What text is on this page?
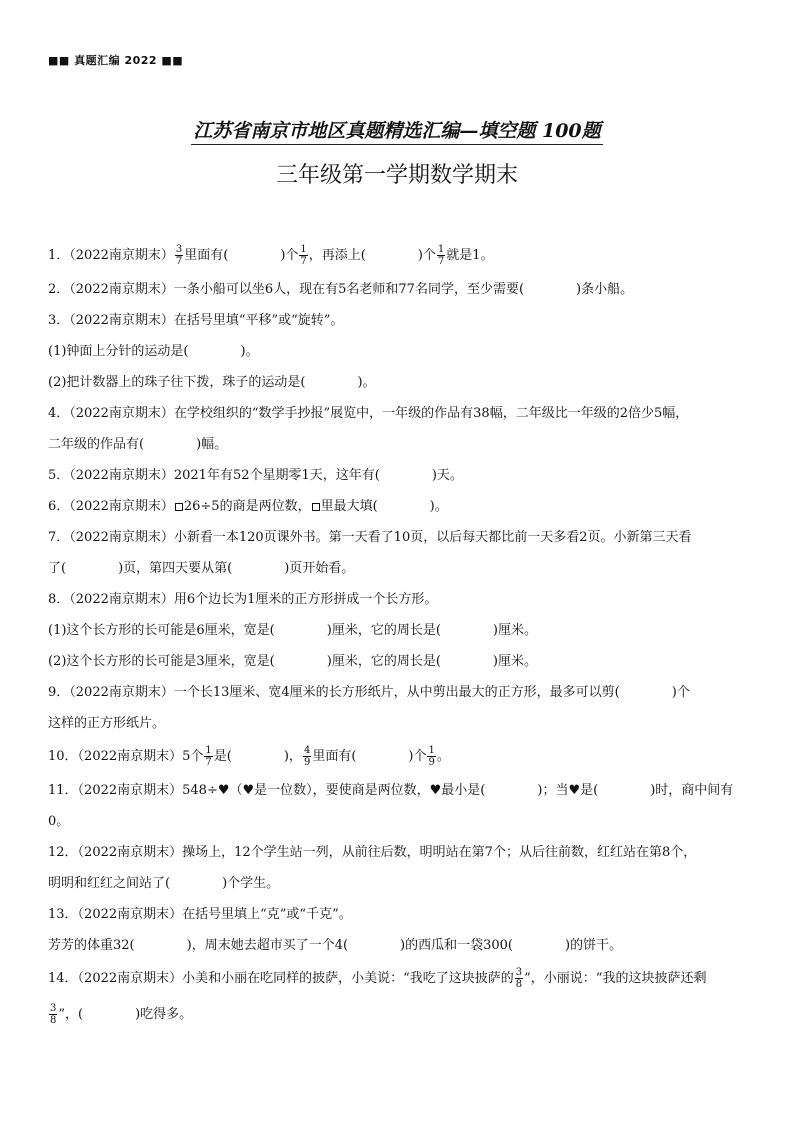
■■ 真题汇编 2022 ■■
江苏省南京市地区真题精选汇编—填空题 100题
三年级第一学期数学期末
1．（2022南京期末） $\frac{3}{7}$ 里面有(	)个 $\frac{1}{7}$ ，再添上(	)个 $\frac{1}{7}$ 就是1。
2．（2022南京期末）一条小船可以坐6人，现在有5名老师和77名同学，至少需要(	)条小船。
3．（2022南京期末）在括号里填“平移”或“旋转”。
(1)钟面上分针的运动是(	)。
(2)把计数器上的珠子往下拨，珠子的运动是(	)。
4．（2022南京期末）在学校组织的“数学手抄报”展览中，一年级的作品有38幅，二年级比一年级的2倍少5幅，
二年级的作品有(	)幅。
5．（2022南京期末）2021年有52个星期零1天，这年有(	)天。
6．（2022南京期末） 26÷5的商是两位数， 里最大填(	)。
7．（2022南京期末）小新看一本120页课外书。第一天看了10页，以后每天都比前一天多看2页。小新第三天看
了(	)页，第四天要从第(	)页开始看。
8．（2022南京期末）用6个边长为1厘米的正方形拼成一个长方形。
(1)这个长方形的长可能是6厘米，宽是(	)厘米，它的周长是(	)厘米。
(2)这个长方形的长可能是3厘米，宽是(	)厘米，它的周长是(	)厘米。
9．（2022南京期末）一个长13厘米、宽4厘米的长方形纸片，从中剪出最大的正方形，最多可以剪(	)个
这样的正方形纸片。
10．（2022南京期末）5个 $\frac{1}{7}$ 是(	)， $\frac{4}{9}$ 里面有(	)个 $\frac{1}{9}$ 。
11．（2022南京期末）548÷♥（♥是一位数），要使商是两位数，♥最小是(	)；当♥是(	)时，商中间有
0。
12．（2022南京期末）操场上，12个学生站一列，从前往后数，明明站在第7个；从后往前数，红红站在第8个，
明明和红红之间站了(	)个学生。
13．（2022南京期末）在括号里填上“克”或“千克”。
芳芳的体重32(	)，周末她去超市买了一个4(	)的西瓜和一袋300(	)的饼干。
14．（2022南京期末）小美和小丽在吃同样的披萨，小美说：“我吃了这块披萨的 $\frac{3}{8}$ ”，小丽说：“我的这块披萨还剩
$\frac{3}{8}$ ”，(	)吃得多。
